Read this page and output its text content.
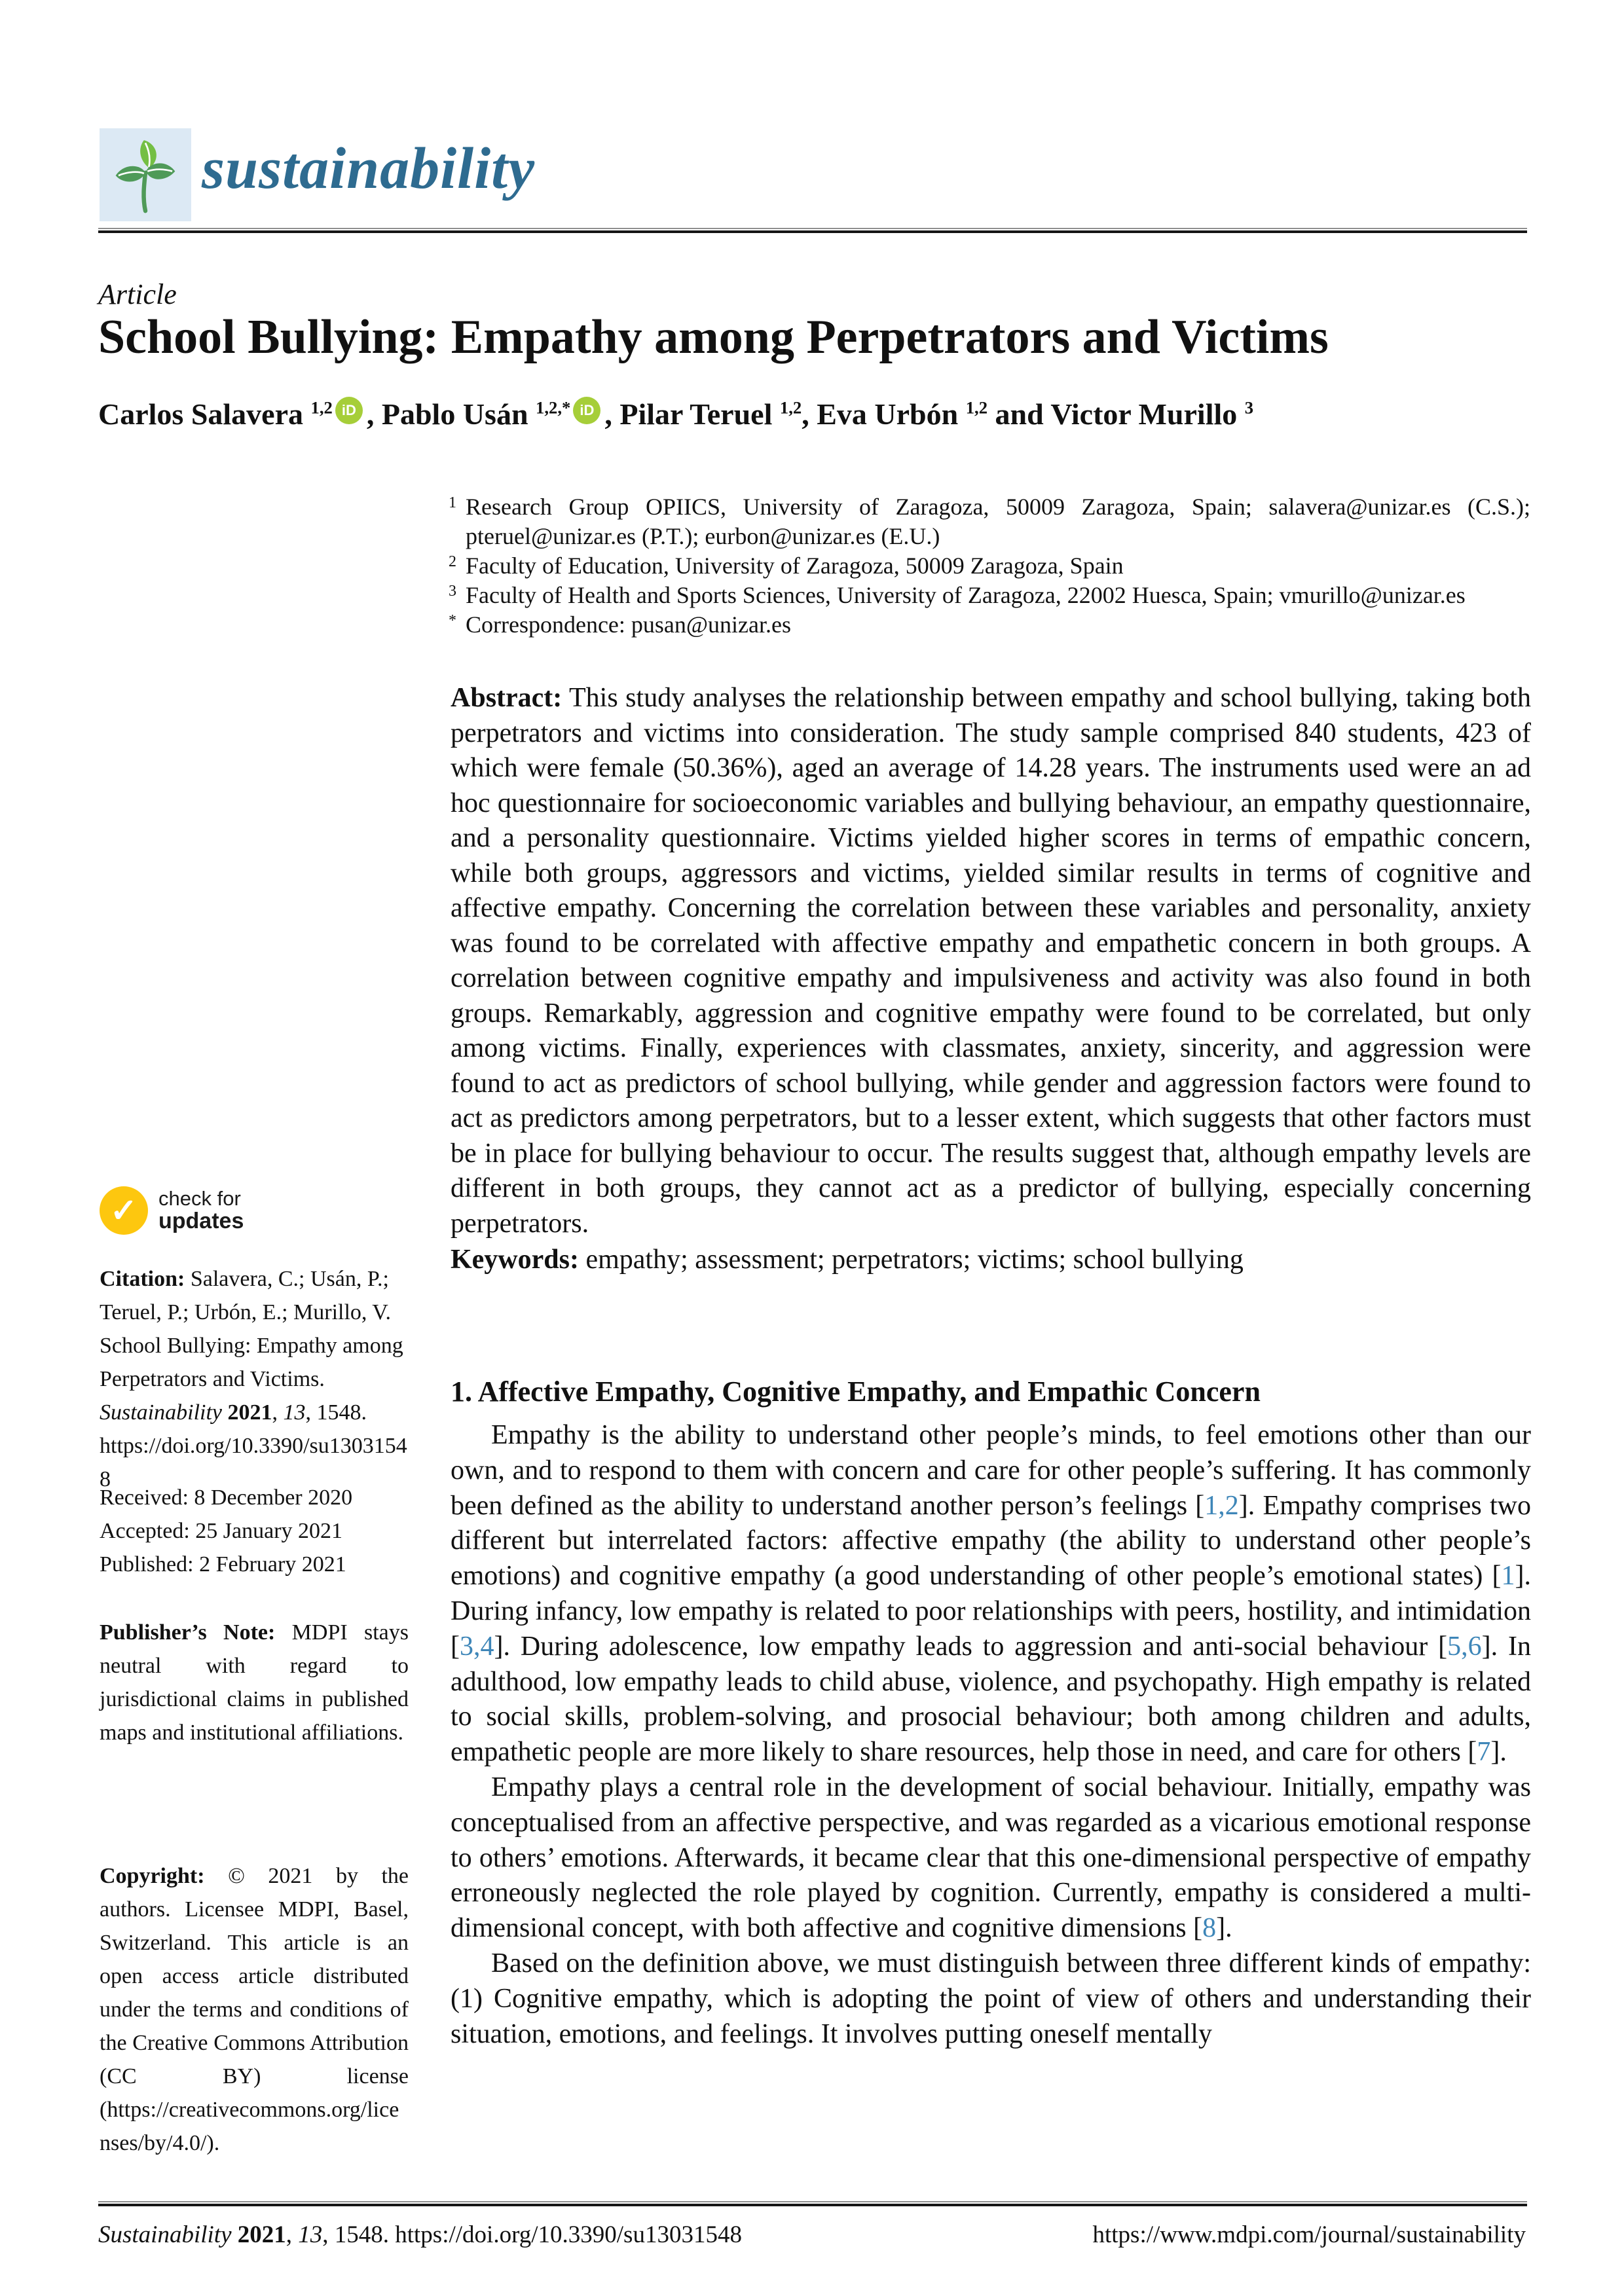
sustainability
Article
School Bullying: Empathy among Perpetrators and Victims
Carlos Salavera $^{1,2}$ iD , Pablo Usán $^{1,2,*}$ iD , Pilar Teruel $^{1,2}$, Eva Urbón $^{1,2}$ and Victor Murillo $^3$
1 Research Group OPIICS, University of Zaragoza, 50009 Zaragoza, Spain; salavera@unizar.es (C.S.); pteruel@unizar.es (P.T.); eurbon@unizar.es (E.U.)
2 Faculty of Education, University of Zaragoza, 50009 Zaragoza, Spain
3 Faculty of Health and Sports Sciences, University of Zaragoza, 22002 Huesca, Spain; vmurillo@unizar.es
* Correspondence: pusan@unizar.es

Abstract: This study analyses the relationship between empathy and school bullying, taking both perpetrators and victims into consideration. The study sample comprised 840 students, 423 of which were female (50.36%), aged an average of 14.28 years. The instruments used were an ad hoc questionnaire for socioeconomic variables and bullying behaviour, an empathy questionnaire, and a personality questionnaire. Victims yielded higher scores in terms of empathic concern, while both groups, aggressors and victims, yielded similar results in terms of cognitive and affective empathy. Concerning the correlation between these variables and personality, anxiety was found to be correlated with affective empathy and empathetic concern in both groups. A correlation between cognitive empathy and impulsiveness and activity was also found in both groups. Remarkably, aggression and cognitive empathy were found to be correlated, but only among victims. Finally, experiences with classmates, anxiety, sincerity, and aggression were found to act as predictors of school bullying, while gender and aggression factors were found to act as predictors among perpetrators, but to a lesser extent, which suggests that other factors must be in place for bullying behaviour to occur. The results suggest that, although empathy levels are different in both groups, they cannot act as a predictor of bullying, especially concerning perpetrators.

Keywords: empathy; assessment; perpetrators; victims; school bullying

✓	check for
updates
Citation: Salavera, C.; Usán, P.; Teruel, P.; Urbón, E.; Murillo, V. School Bullying: Empathy among Perpetrators and Victims. Sustainability 2021, 13, 1548. https://doi.org/10.3390/su13031548
Received: 8 December 2020
Accepted: 25 January 2021
Published: 2 February 2021
Publisher’s Note: MDPI stays neutral with regard to jurisdictional claims in published maps and institutional affiliations.
Copyright: © 2021 by the authors. Licensee MDPI, Basel, Switzerland. This article is an open access article distributed under the terms and conditions of the Creative Commons Attribution (CC BY) license (https://creativecommons.org/licenses/by/4.0/).
1. Affective Empathy, Cognitive Empathy, and Empathic Concern

Empathy is the ability to understand other people’s minds, to feel emotions other than our own, and to respond to them with concern and care for other people’s suffering. It has commonly been defined as the ability to understand another person’s feelings [1,2]. Empathy comprises two different but interrelated factors: affective empathy (the ability to understand other people’s emotions) and cognitive empathy (a good understanding of other people’s emotional states) [1]. During infancy, low empathy is related to poor relationships with peers, hostility, and intimidation [3,4]. During adolescence, low empathy leads to aggression and anti-social behaviour [5,6]. In adulthood, low empathy leads to child abuse, violence, and psychopathy. High empathy is related to social skills, problem-solving, and prosocial behaviour; both among children and adults, empathetic people are more likely to share resources, help those in need, and care for others [7].

Empathy plays a central role in the development of social behaviour. Initially, empathy was conceptualised from an affective perspective, and was regarded as a vicarious emotional response to others’ emotions. Afterwards, it became clear that this one-dimensional perspective of empathy erroneously neglected the role played by cognition. Currently, empathy is considered a multi-dimensional concept, with both affective and cognitive dimensions [8].

Based on the definition above, we must distinguish between three different kinds of empathy: (1) Cognitive empathy, which is adopting the point of view of others and understanding their situation, emotions, and feelings. It involves putting oneself mentally

Sustainability 2021, 13, 1548. https://doi.org/10.3390/su13031548	https://www.mdpi.com/journal/sustainability
